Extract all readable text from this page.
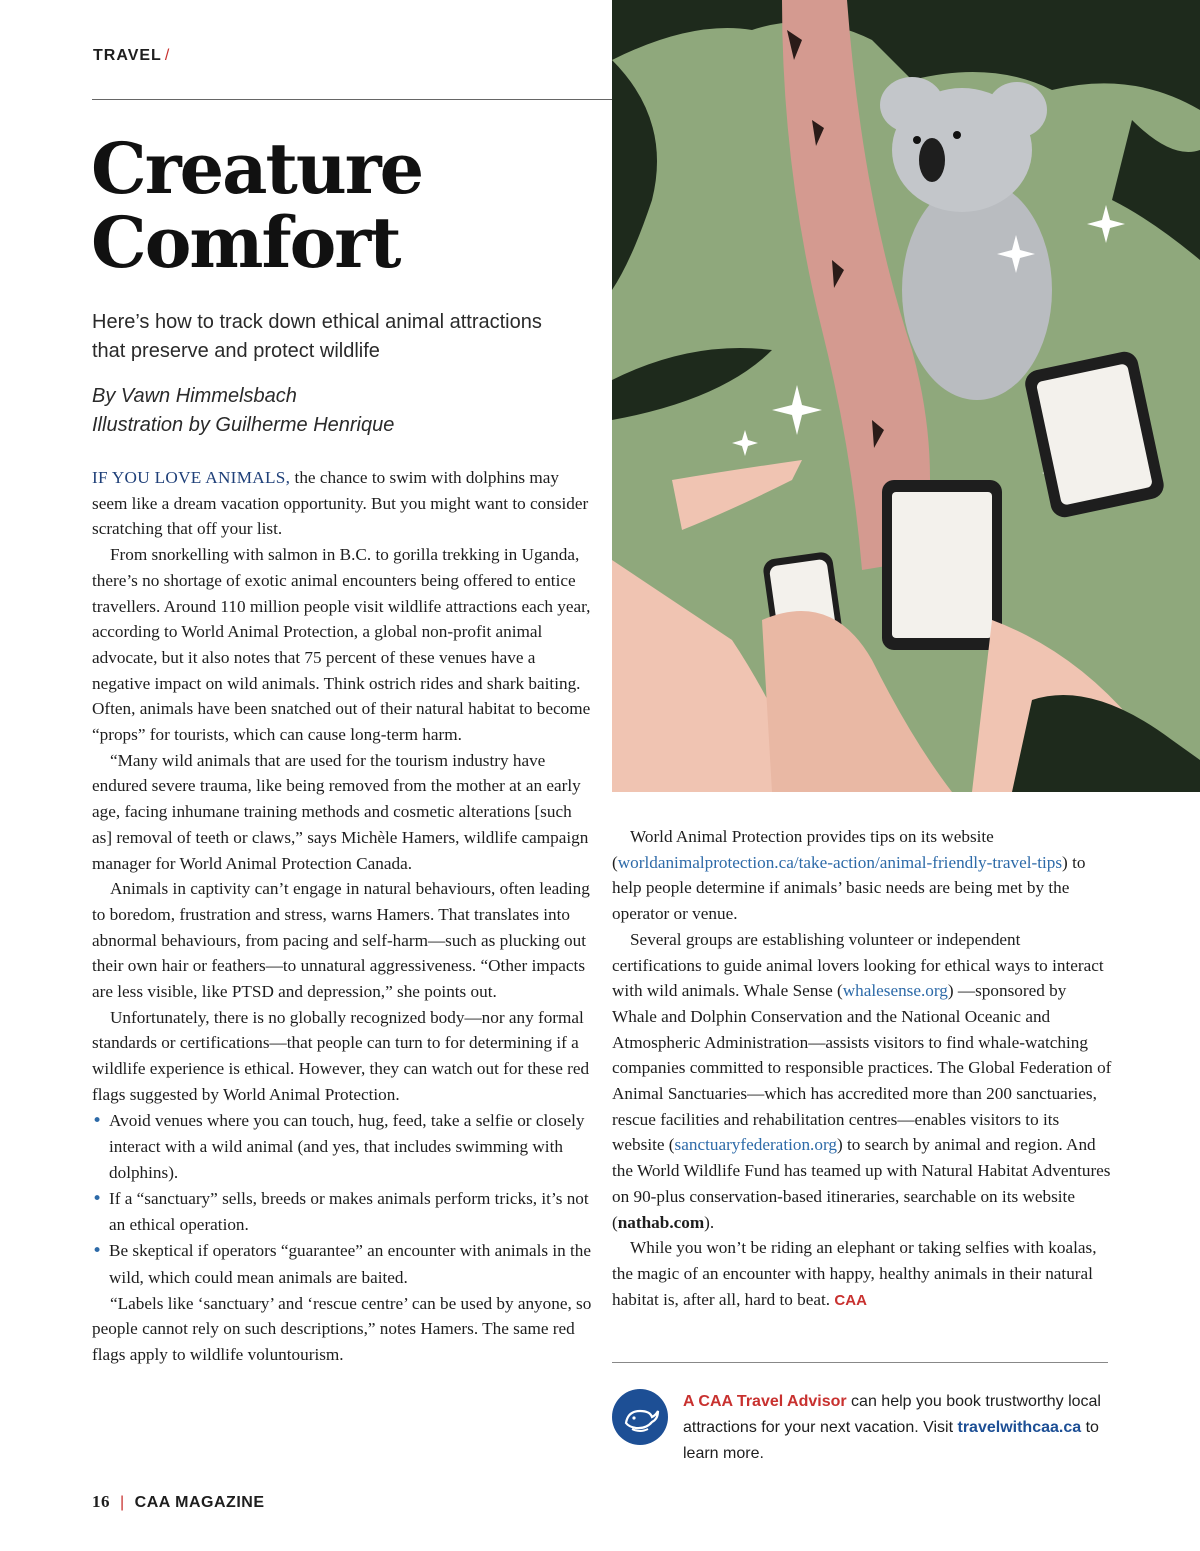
TRAVEL /
Creature
Comfort

Here’s how to track down ethical animal attractions that preserve and protect wildlife

By Vawn Himmelsbach
Illustration by Guilherme Henrique

IF YOU LOVE ANIMALS, the chance to swim with dolphins may seem like a dream vacation opportunity. But you might want to consider scratching that off your list.

From snorkelling with salmon in B.C. to gorilla trekking in Uganda, there’s no shortage of exotic animal encounters being offered to entice travellers. Around 110 million people visit wildlife attractions each year, according to World Animal Protection, a global non-profit animal advocate, but it also notes that 75 percent of these venues have a negative impact on wild animals. Think ostrich rides and shark baiting. Often, animals have been snatched out of their natural habitat to become “props” for tourists, which can cause long-term harm.

“Many wild animals that are used for the tourism industry have endured severe trauma, like being removed from the mother at an early age, facing inhumane training methods and cosmetic alterations [such as] removal of teeth or claws,” says Michèle Hamers, wildlife campaign manager for World Animal Protection Canada.

Animals in captivity can’t engage in natural behaviours, often leading to boredom, frustration and stress, warns Hamers. That translates into abnormal behaviours, from pacing and self-harm—such as plucking out their own hair or feathers—to unnatural aggressiveness. “Other impacts are less visible, like PTSD and depression,” she points out.

Unfortunately, there is no globally recognized body—nor any formal standards or certifications—that people can turn to for determining if a wildlife experience is ethical. However, they can watch out for these red flags suggested by World Animal Protection.

• Avoid venues where you can touch, hug, feed, take a selfie or closely interact with a wild animal (and yes, that includes swimming with dolphins).

• If a “sanctuary” sells, breeds or makes animals perform tricks, it’s not an ethical operation.

• Be skeptical if operators “guarantee” an encounter with animals in the wild, which could mean animals are baited.

“Labels like ‘sanctuary’ and ‘rescue centre’ can be used by anyone, so people cannot rely on such descriptions,” notes Hamers. The same red flags apply to wildlife voluntourism.

World Animal Protection provides tips on its website (worldanimalprotection.ca/take-action/animal-friendly-travel-tips) to help people determine if animals’ basic needs are being met by the operator or venue.

Several groups are establishing volunteer or independent certifications to guide animal lovers looking for ethical ways to interact with wild animals. Whale Sense (whalesense.org) —sponsored by Whale and Dolphin Conservation and the National Oceanic and Atmospheric Administration—assists visitors to find whale-watching companies committed to responsible practices. The Global Federation of Animal Sanctuaries—which has accredited more than 200 sanctuaries, rescue facilities and rehabilitation centres—enables visitors to its website (sanctuaryfederation.org) to search by animal and region. And the World Wildlife Fund has teamed up with Natural Habitat Adventures on 90-plus conservation-based itineraries, searchable on its website (nathab.com).

While you won’t be riding an elephant or taking selfies with koalas, the magic of an encounter with happy, healthy animals in their natural habitat is, after all, hard to beat. CAA

A CAA Travel Advisor can help you book trustworthy local attractions for your next vacation. Visit travelwithcaa.ca to learn more.

16 | CAA MAGAZINE
